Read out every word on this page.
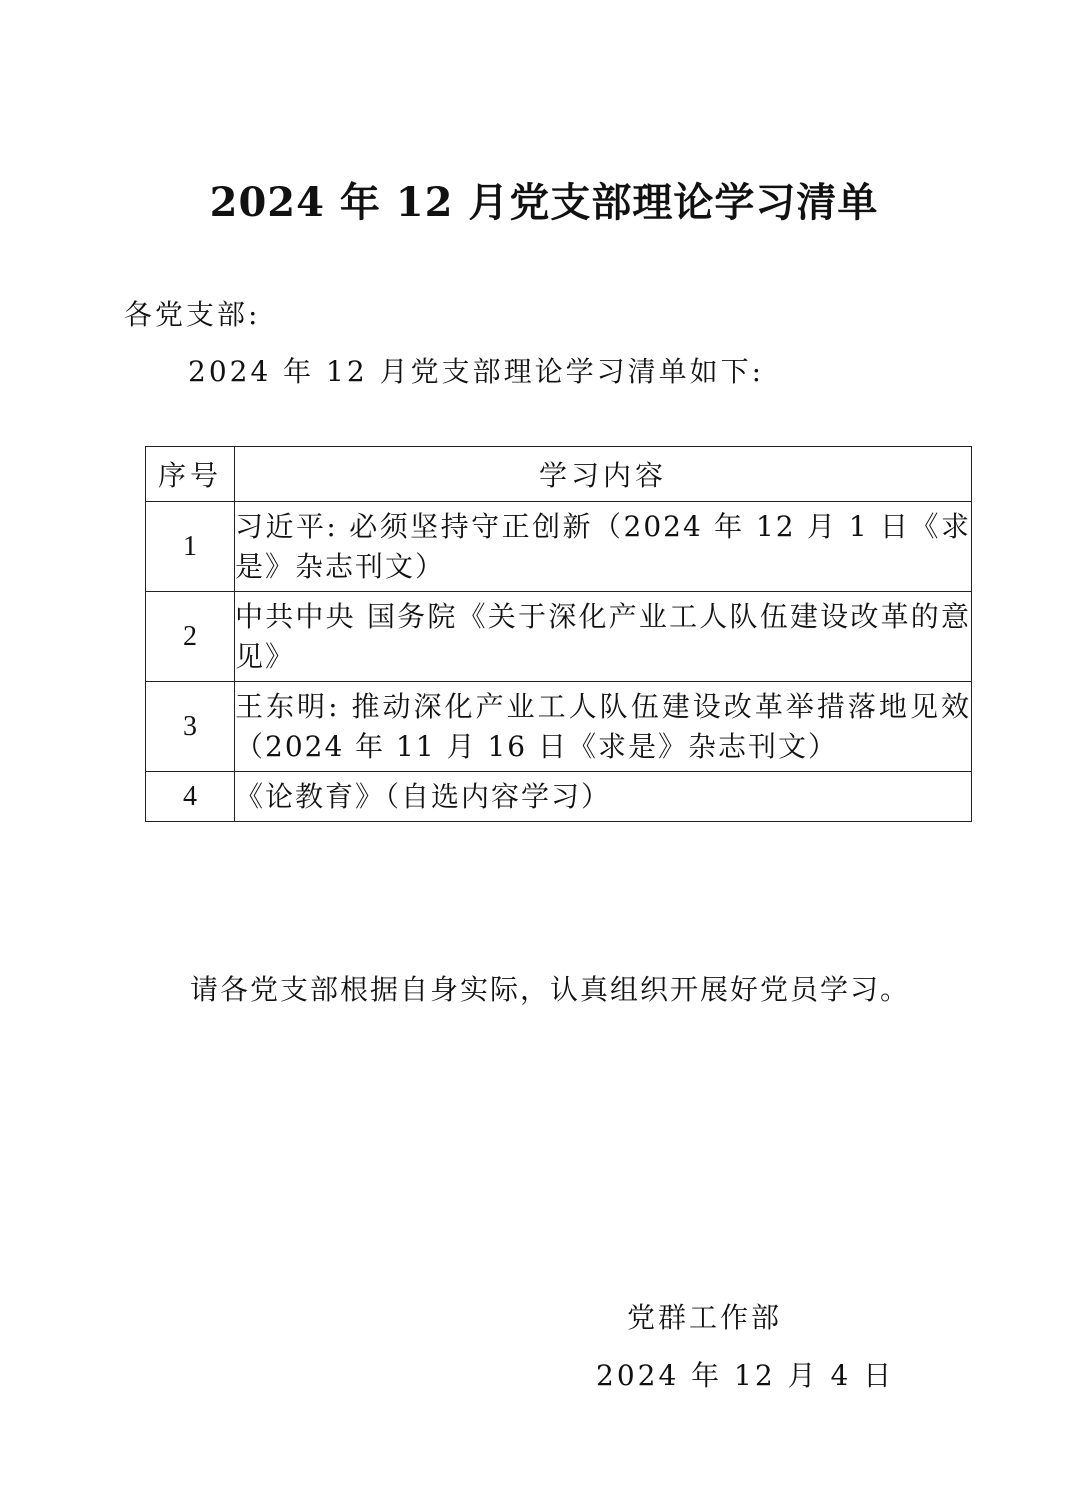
2024 年 12 月党支部理论学习清单
各党支部:
2024 年 12 月党支部理论学习清单如下:
序号	学习内容
1	习近平: 必须坚持守正创新（2024 年 12 月 1 日《求是》杂志刊文）
2	中共中央 国务院《关于深化产业工人队伍建设改革的意见》
3	王东明: 推动深化产业工人队伍建设改革举措落地见效（2024 年 11 月 16 日《求是》杂志刊文）
4	《论教育》（自选内容学习）
请各党支部根据自身实际，认真组织开展好党员学习。
党群工作部
2024 年 12 月 4 日
